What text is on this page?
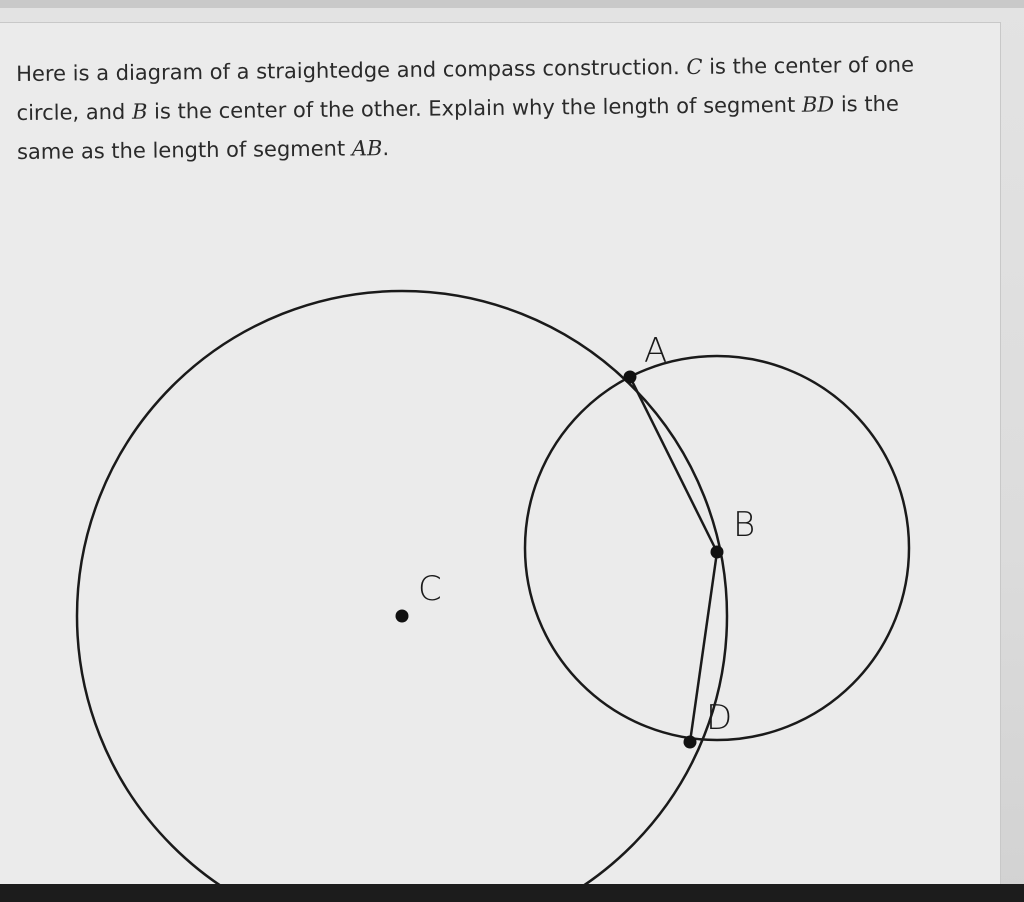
Here is a diagram of a straightedge and compass construction. C is the center of one circle, and B is the center of the other. Explain why the length of segment BD is the same as the length of segment AB.
A
B
C
D
